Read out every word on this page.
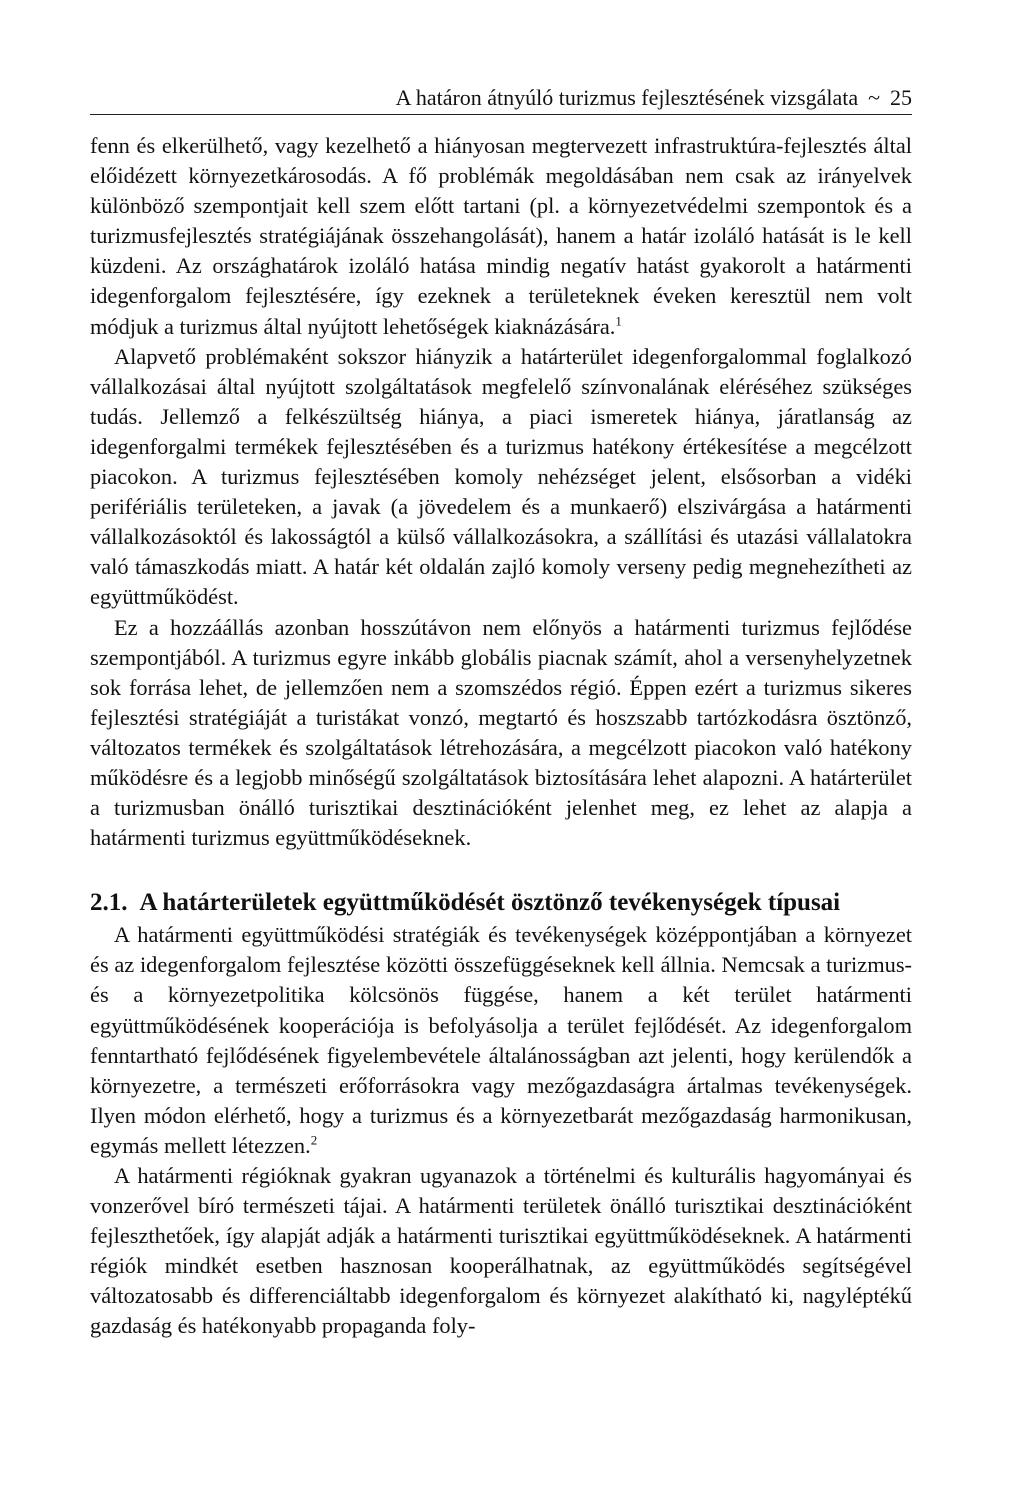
A határon átnyúló turizmus fejlesztésének vizsgálata ~ 25

fenn és elkerülhető, vagy kezelhető a hiányosan megtervezett infrastruktúra-fejlesztés által előidézett környezetkárosodás. A fő problémák megoldásában nem csak az irányelvek különböző szempontjait kell szem előtt tartani (pl. a környezetvédelmi szempontok és a turizmusfejlesztés stratégiájának összehangolását), hanem a határ izoláló hatását is le kell küzdeni. Az országhatárok izoláló hatása mindig negatív hatást gyakorolt a határmenti idegenforgalom fejlesztésére, így ezeknek a területeknek éveken keresztül nem volt módjuk a turizmus által nyújtott lehetőségek kiaknázására.$^1$

Alapvető problémaként sokszor hiányzik a határterület idegenforgalommal foglalkozó vállalkozásai által nyújtott szolgáltatások megfelelő színvonalának eléréséhez szükséges tudás. Jellemző a felkészültség hiánya, a piaci ismeretek hiánya, járatlanság az idegenforgalmi termékek fejlesztésében és a turizmus hatékony értékesítése a megcélzott piacokon. A turizmus fejlesztésében komoly nehézséget jelent, elsősorban a vidéki perifériális területeken, a javak (a jövedelem és a munkaerő) elszivárgása a határmenti vállalkozásoktól és lakosságtól a külső vállalkozásokra, a szállítási és utazási vállalatokra való támaszkodás miatt. A határ két oldalán zajló komoly verseny pedig megnehezítheti az együttműködést.

Ez a hozzáállás azonban hosszútávon nem előnyös a határmenti turizmus fejlődése szempontjából. A turizmus egyre inkább globális piacnak számít, ahol a versenyhelyzetnek sok forrása lehet, de jellemzően nem a szomszédos régió. Éppen ezért a turizmus sikeres fejlesztési stratégiáját a turistákat vonzó, megtartó és hoszszabb tartózkodásra ösztönző, változatos termékek és szolgáltatások létrehozására, a megcélzott piacokon való hatékony működésre és a legjobb minőségű szolgáltatások biztosítására lehet alapozni. A határterület a turizmusban önálló turisztikai desztinációként jelenhet meg, ez lehet az alapja a határmenti turizmus együttműködéseknek.

2.1. A határterületek együttműködését ösztönző tevékenységek típusai

A határmenti együttműködési stratégiák és tevékenységek középpontjában a környezet és az idegenforgalom fejlesztése közötti összefüggéseknek kell állnia. Nemcsak a turizmus- és a környezetpolitika kölcsönös függése, hanem a két terület határmenti együttműködésének kooperációja is befolyásolja a terület fejlődését. Az idegenforgalom fenntartható fejlődésének figyelembevétele általánosságban azt jelenti, hogy kerülendők a környezetre, a természeti erőforrásokra vagy mezőgazdaságra ártalmas tevékenységek. Ilyen módon elérhető, hogy a turizmus és a környezetbarát mezőgazdaság harmonikusan, egymás mellett létezzen.$^2$

A határmenti régióknak gyakran ugyanazok a történelmi és kulturális hagyományai és vonzerővel bíró természeti tájai. A határmenti területek önálló turisztikai desztinációként fejleszthetőek, így alapját adják a határmenti turisztikai együttműködéseknek. A határmenti régiók mindkét esetben hasznosan kooperálhatnak, az együttműködés segítségével változatosabb és differenciáltabb idegenforgalom és környezet alakítható ki, nagyléptékű gazdaság és hatékonyabb propaganda foly-
